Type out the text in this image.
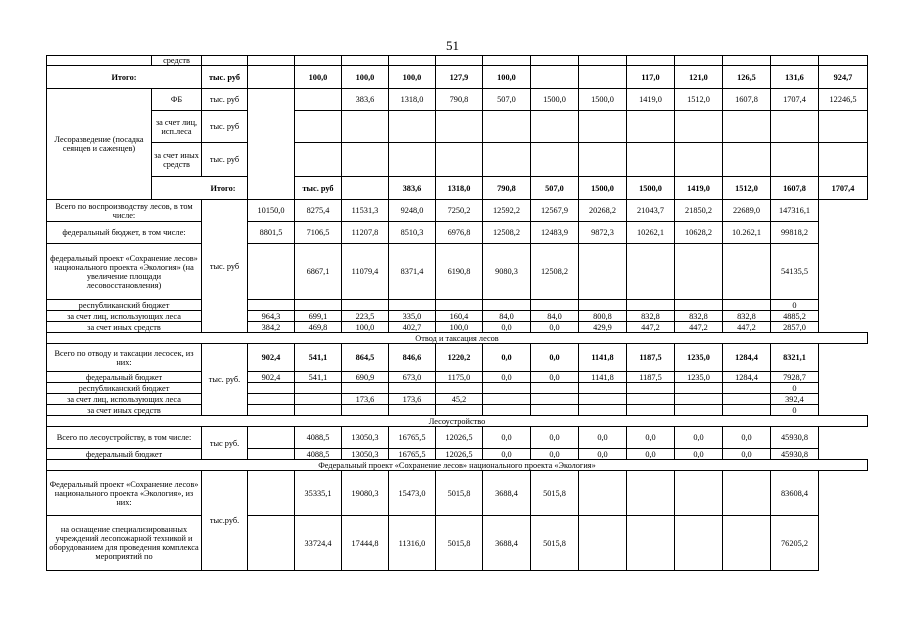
51
	средств															
Итого:		тыс. руб		100,0	100,0	100,0	127,9	100,0			117,0	121,0	126,5	131,6	924,7	
Лесоразведение (посадка сеянцев и саженцев)	ФБ	тыс. руб			383,6	1318,0	790,8	507,0	1500,0	1500,0	1419,0	1512,0	1607,8	1707,4	12246,5	
	за счет лиц, исп.леса	тыс. руб														
	за счет иных средств	тыс. руб														
	Итого:			тыс. руб		383,6	1318,0	790,8	507,0	1500,0	1500,0	1419,0	1512,0	1607,8	1707,4	
Всего по воспроизводству лесов, в том числе:		тыс. руб	10150,0	8275,4	11531,3	9248,0	7250,2	12592,2	12567,9	20268,2	21043,7	21850,2	22689,0	147316,1		
федеральный бюджет, в том числе:			8801,5	7106,5	11207,8	8510,3	6976,8	12508,2	12483,9	9872,3	10262,1	10628,2	10.262,1	99818,2		
федеральный проект «Сохранение лесов» национального проекта «Экология» (на увеличение площади лесовосстановления)				6867,1	11079,4	8371,4	6190,8	9080,3	12508,2					54135,5		
республиканский бюджет														0		
за счет лиц, использующих леса			964,3	699,1	223,5	335,0	160,4	84,0	84,0	800,8	832,8	832,8	832,8	4885,2		
за счет иных средств			384,2	469,8	100,0	402,7	100,0	0,0	0,0	429,9	447,2	447,2	447,2	2857,0		
Отвод и таксация лесов																
Всего по отводу и таксации лесосек, из них:		тыс. руб.	902,4	541,1	864,5	846,6	1220,2	0,0	0,0	1141,8	1187,5	1235,0	1284,4	8321,1		
федеральный бюджет			902,4	541,1	690,9	673,0	1175,0	0,0	0,0	1141,8	1187,5	1235,0	1284,4	7928,7		
республиканский бюджет														0		
за счет лиц, использующих леса					173,6	173,6	45,2							392,4		
за счет иных средств														0		
Лесоустройство																
Всего по лесоустройству, в том числе:		тыс руб.		4088,5	13050,3	16765,5	12026,5	0,0	0,0	0,0	0,0	0,0	0,0	45930,8		
федеральный бюджет				4088,5	13050,3	16765,5	12026,5	0,0	0,0	0,0	0,0	0,0	0,0	45930,8		
Федеральный проект «Сохранение лесов» национального проекта «Экология»																
Федеральный проект «Сохранение лесов» национального проекта «Экология», из них:		тыс.руб.		35335,1	19080,3	15473,0	5015,8	3688,4	5015,8					83608,4		
на оснащение специализированных учреждений лесопожарной техникой и оборудованием для проведения комплекса мероприятий по				33724,4	17444,8	11316,0	5015,8	3688,4	5015,8					76205,2		
